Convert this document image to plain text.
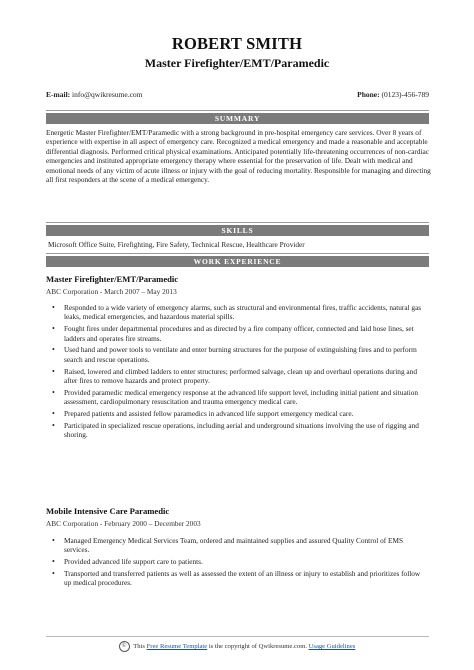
ROBERT SMITH
Master Firefighter/EMT/Paramedic
E-mail: info@qwikresume.com	Phone: (0123)-456-789
SUMMARY
Energetic Master Firefighter/EMT/Paramedic with a strong background in pre-hospital emergency care services. Over 8 years of experience with expertise in all aspect of emergency care. Recognized a medical emergency and made a reasonable and acceptable differential diagnosis. Performed critical physical examinations. Anticipated potentially life-threatening occurrences of non-cardiac emergencies and instituted appropriate emergency therapy where essential for the preservation of life. Dealt with medical and emotional needs of any victim of acute illness or injury with the goal of reducing mortality. Responsible for managing and directing all first responders at the scene of a medical emergency.
SKILLS
Microsoft Office Suite, Firefighting, Fire Safety, Technical Rescue, Healthcare Provider
WORK EXPERIENCE
Master Firefighter/EMT/Paramedic
ABC Corporation - March 2007 – May 2013
• Responded to a wide variety of emergency alarms, such as structural and environmental fires, traffic accidents, natural gas leaks, medical emergencies, and hazardous material spills.
• Fought fires under departmental procedures and as directed by a fire company officer, connected and laid hose lines, set ladders and operates fire streams.
• Used hand and power tools to ventilate and enter burning structures for the purpose of extinguishing fires and to perform search and rescue operations.
• Raised, lowered and climbed ladders to enter structures; performed salvage, clean up and overhaul operations during and after fires to remove hazards and protect property.
• Provided paramedic medical emergency response at the advanced life support level, including initial patient and situation assessment, cardiopulmonary resuscitation and trauma emergency medical care.
• Prepared patients and assisted fellow paramedics in advanced life support emergency medical care.
• Participated in specialized rescue operations, including aerial and underground situations involving the use of rigging and shoring.
Mobile Intensive Care Paramedic
ABC Corporation - February 2000 – December 2003
• Managed Emergency Medical Services Team, ordered and maintained supplies and assured Quality Control of EMS services.
• Provided advanced life support care to patients.
• Transported and transferred patients as well as assessed the extent of an illness or injury to establish and prioritizes follow up medical procedures.
© This Free Resume Template is the copyright of Qwikresume.com. Usage Guidelines
